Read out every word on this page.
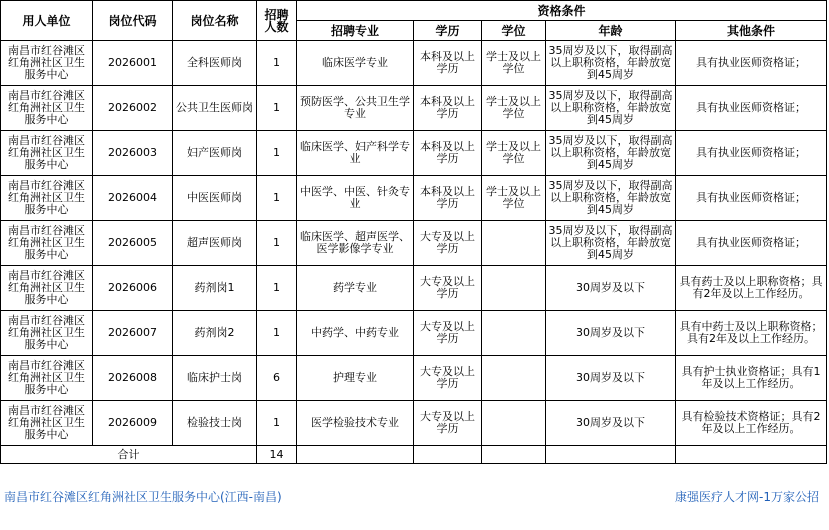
用人单位	岗位代码	岗位名称	招聘人数	资格条件				
				招聘专业	学历	学位	年龄	其他条件
南昌市红谷滩区红角洲社区卫生服务中心	2026001	全科医师岗	1	临床医学专业	本科及以上学历	学士及以上学位	35周岁及以下，取得副高以上职称资格，年龄放宽到45周岁	具有执业医师资格证；
南昌市红谷滩区红角洲社区卫生服务中心	2026002	公共卫生医师岗	1	预防医学、公共卫生学专业	本科及以上学历	学士及以上学位	35周岁及以下，取得副高以上职称资格，年龄放宽到45周岁	具有执业医师资格证；
南昌市红谷滩区红角洲社区卫生服务中心	2026003	妇产医师岗	1	临床医学、妇产科学专业	本科及以上学历	学士及以上学位	35周岁及以下，取得副高以上职称资格，年龄放宽到45周岁	具有执业医师资格证；
南昌市红谷滩区红角洲社区卫生服务中心	2026004	中医医师岗	1	中医学、中医、针灸专业	本科及以上学历	学士及以上学位	35周岁及以下，取得副高以上职称资格，年龄放宽到45周岁	具有执业医师资格证；
南昌市红谷滩区红角洲社区卫生服务中心	2026005	超声医师岗	1	临床医学、超声医学、医学影像学专业	大专及以上学历		35周岁及以下，取得副高以上职称资格，年龄放宽到45周岁	具有执业医师资格证；
南昌市红谷滩区红角洲社区卫生服务中心	2026006	药剂岗1	1	药学专业	大专及以上学历		30周岁及以下	具有药士及以上职称资格；具有2年及以上工作经历。
南昌市红谷滩区红角洲社区卫生服务中心	2026007	药剂岗2	1	中药学、中药专业	大专及以上学历		30周岁及以下	具有中药士及以上职称资格；具有2年及以上工作经历。
南昌市红谷滩区红角洲社区卫生服务中心	2026008	临床护士岗	6	护理专业	大专及以上学历		30周岁及以下	具有护士执业资格证；具有1年及以上工作经历。
南昌市红谷滩区红角洲社区卫生服务中心	2026009	检验技士岗	1	医学检验技术专业	大专及以上学历		30周岁及以下	具有检验技术资格证；具有2年及以上工作经历。
合计			14					
南昌市红谷滩区红角洲社区卫生服务中心(江西-南昌)	康强医疗人才网-1万家公招
